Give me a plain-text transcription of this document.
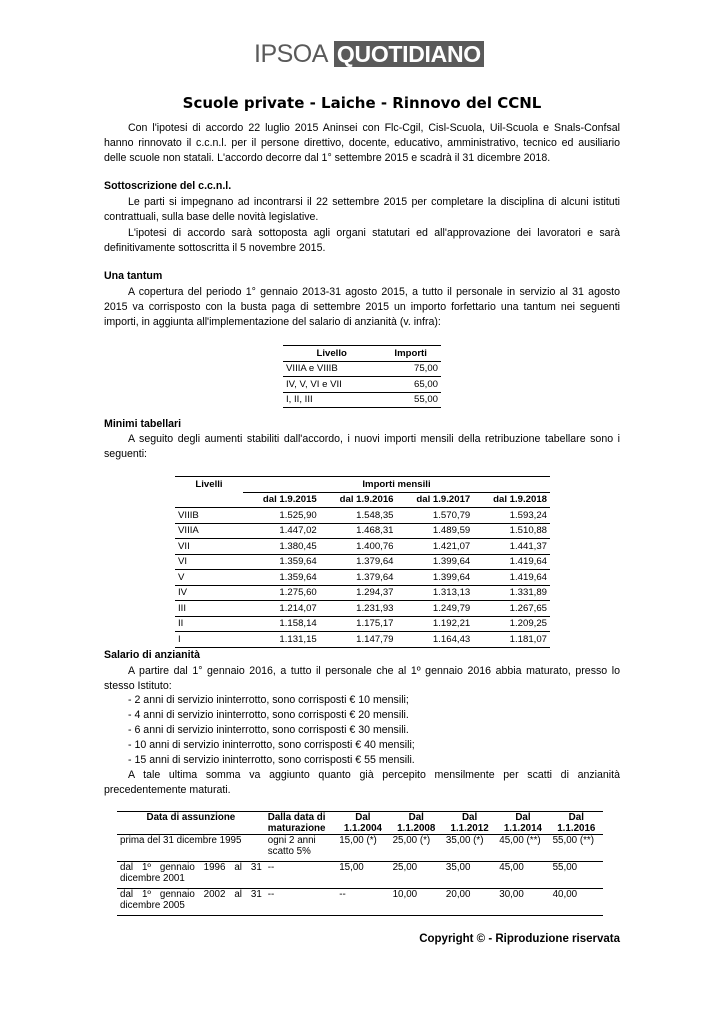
IPSOA QUOTIDIANO
Scuole private - Laiche - Rinnovo del CCNL

Con l'ipotesi di accordo 22 luglio 2015 Aninsei con Flc-Cgil, Cisl-Scuola, Uil-Scuola e Snals-Confsal hanno rinnovato il c.c.n.l. per il persone direttivo, docente, educativo, amministrativo, tecnico ed ausiliario delle scuole non statali. L'accordo decorre dal 1° settembre 2015 e scadrà il 31 dicembre 2018.

Sottoscrizione del c.c.n.l.

Le parti si impegnano ad incontrarsi il 22 settembre 2015 per completare la disciplina di alcuni istituti contrattuali, sulla base delle novità legislative.

L'ipotesi di accordo sarà sottoposta agli organi statutari ed all'approvazione dei lavoratori e sarà definitivamente sottoscritta il 5 novembre 2015.

Una tantum

A copertura del periodo 1° gennaio 2013-31 agosto 2015, a tutto il personale in servizio al 31 agosto 2015 va corrisposto con la busta paga di settembre 2015 un importo forfettario una tantum nei seguenti importi, in aggiunta all'implementazione del salario di anzianità (v. infra):

Livello	Importi
VIIIA e VIIIB	75,00
IV, V, VI e VII	65,00
I, II, III	55,00

Minimi tabellari

A seguito degli aumenti stabiliti dall'accordo, i nuovi importi mensili della retribuzione tabellare sono i seguenti:

Livelli	Importi mensili			
	dal 1.9.2015	dal 1.9.2016	dal 1.9.2017	dal 1.9.2018
VIIIB	1.525,90	1.548,35	1.570,79	1.593,24
VIIIA	1.447,02	1.468,31	1.489,59	1.510,88
VII	1.380,45	1.400,76	1.421,07	1.441,37
VI	1.359,64	1.379,64	1.399,64	1.419,64
V	1.359,64	1.379,64	1.399,64	1.419,64
IV	1.275,60	1.294,37	1.313,13	1.331,89
III	1.214,07	1.231,93	1.249,79	1.267,65
II	1.158,14	1.175,17	1.192,21	1.209,25
I	1.131,15	1.147,79	1.164,43	1.181,07

Salario di anzianità

A partire dal 1° gennaio 2016, a tutto il personale che al 1º gennaio 2016 abbia maturato, presso lo stesso Istituto:

- 2 anni di servizio ininterrotto, sono corrisposti € 10 mensili;

- 4 anni di servizio ininterrotto, sono corrisposti € 20 mensili.

- 6 anni di servizio ininterrotto, sono corrisposti € 30 mensili.

- 10 anni di servizio ininterrotto, sono corrisposti € 40 mensili;

- 15 anni di servizio ininterrotto, sono corrisposti € 55 mensili.

A tale ultima somma va aggiunto quanto già percepito mensilmente per scatti di anzianità precedentemente maturati.

Data di assunzione	Dalla data di maturazione	Dal 1.1.2004	Dal 1.1.2008	Dal 1.1.2012	Dal 1.1.2014	Dal 1.1.2016
prima del 31 dicembre 1995	ogni 2 anni scatto 5%	15,00 (*)	25,00 (*)	35,00 (*)	45,00 (**)	55,00 (**)
dal 1º gennaio 1996 al 31 dicembre 2001	--	15,00	25,00	35,00	45,00	55,00
dal 1º gennaio 2002 al 31 dicembre 2005	--	--	10,00	20,00	30,00	40,00
Copyright © - Riproduzione riservata
